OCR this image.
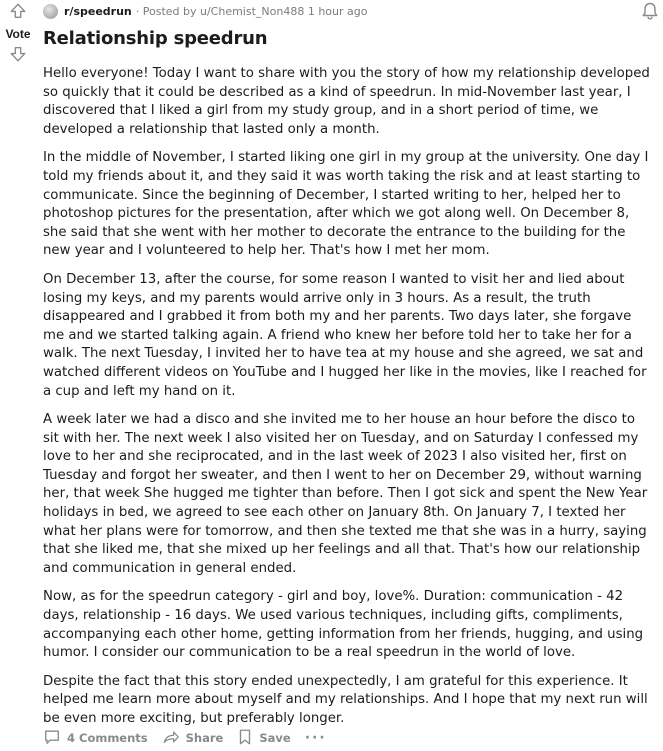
Vote
r/speedrun · Posted by u/Chemist_Non488 1 hour ago
Relationship speedrun

Hello everyone! Today I want to share with you the story of how my relationship developed so quickly that it could be described as a kind of speedrun. In mid-November last year, I discovered that I liked a girl from my study group, and in a short period of time, we developed a relationship that lasted only a month.

In the middle of November, I started liking one girl in my group at the university. One day I told my friends about it, and they said it was worth taking the risk and at least starting to communicate. Since the beginning of December, I started writing to her, helped her to photoshop pictures for the presentation, after which we got along well. On December 8, she said that she went with her mother to decorate the entrance to the building for the new year and I volunteered to help her. That's how I met her mom.

On December 13, after the course, for some reason I wanted to visit her and lied about losing my keys, and my parents would arrive only in 3 hours. As a result, the truth disappeared and I grabbed it from both my and her parents. Two days later, she forgave me and we started talking again. A friend who knew her before told her to take her for a walk. The next Tuesday, I invited her to have tea at my house and she agreed, we sat and watched different videos on YouTube and I hugged her like in the movies, like I reached for a cup and left my hand on it.

A week later we had a disco and she invited me to her house an hour before the disco to sit with her. The next week I also visited her on Tuesday, and on Saturday I confessed my love to her and she reciprocated, and in the last week of 2023 I also visited her, first on Tuesday and forgot her sweater, and then I went to her on December 29, without warning her, that week She hugged me tighter than before. Then I got sick and spent the New Year holidays in bed, we agreed to see each other on January 8th. On January 7, I texted her what her plans were for tomorrow, and then she texted me that she was in a hurry, saying that she liked me, that she mixed up her feelings and all that. That's how our relationship and communication in general ended.

Now, as for the speedrun category - girl and boy, love%. Duration: communication - 42 days, relationship - 16 days. We used various techniques, including gifts, compliments, accompanying each other home, getting information from her friends, hugging, and using humor. I consider our communication to be a real speedrun in the world of love.

Despite the fact that this story ended unexpectedly, I am grateful for this experience. It helped me learn more about myself and my relationships. And I hope that my next run will be even more exciting, but preferably longer.

4 Comments	Share	Save ···
